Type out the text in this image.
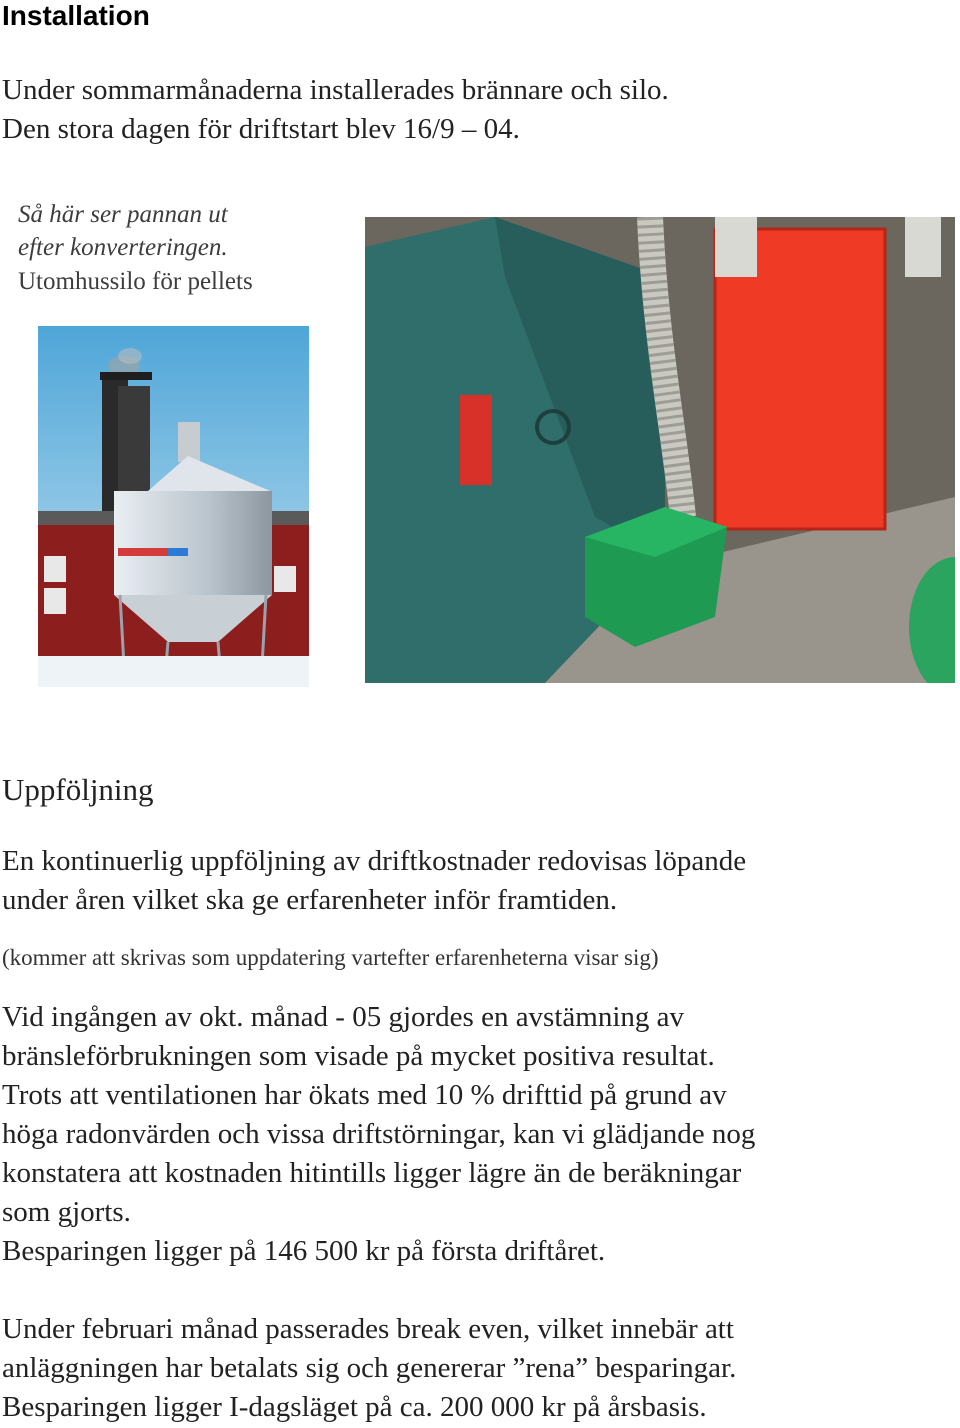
Installation
Under sommarmånaderna installerades brännare och silo.
Den stora dagen för driftstart blev 16/9 – 04.
Så här ser pannan ut
efter konverteringen.
Utomhussilo för pellets
Uppföljning
En kontinuerlig uppföljning av driftkostnader redovisas löpande
under åren vilket ska ge erfarenheter inför framtiden.
(kommer att skrivas som uppdatering vartefter erfarenheterna visar sig)
Vid ingången av okt. månad - 05 gjordes en avstämning av
bränsleförbrukningen som visade på mycket positiva resultat.
Trots att ventilationen har ökats med 10 % drifttid på grund av
höga radonvärden och vissa driftstörningar, kan vi glädjande nog
konstatera att kostnaden hitintills ligger lägre än de beräkningar
som gjorts.
Besparingen ligger på 146 500 kr på första driftåret.
Under februari månad passerades break even, vilket innebär att
anläggningen har betalats sig och genererar ”rena” besparingar.
Besparingen ligger I-dagsläget på ca. 200 000 kr på årsbasis.
